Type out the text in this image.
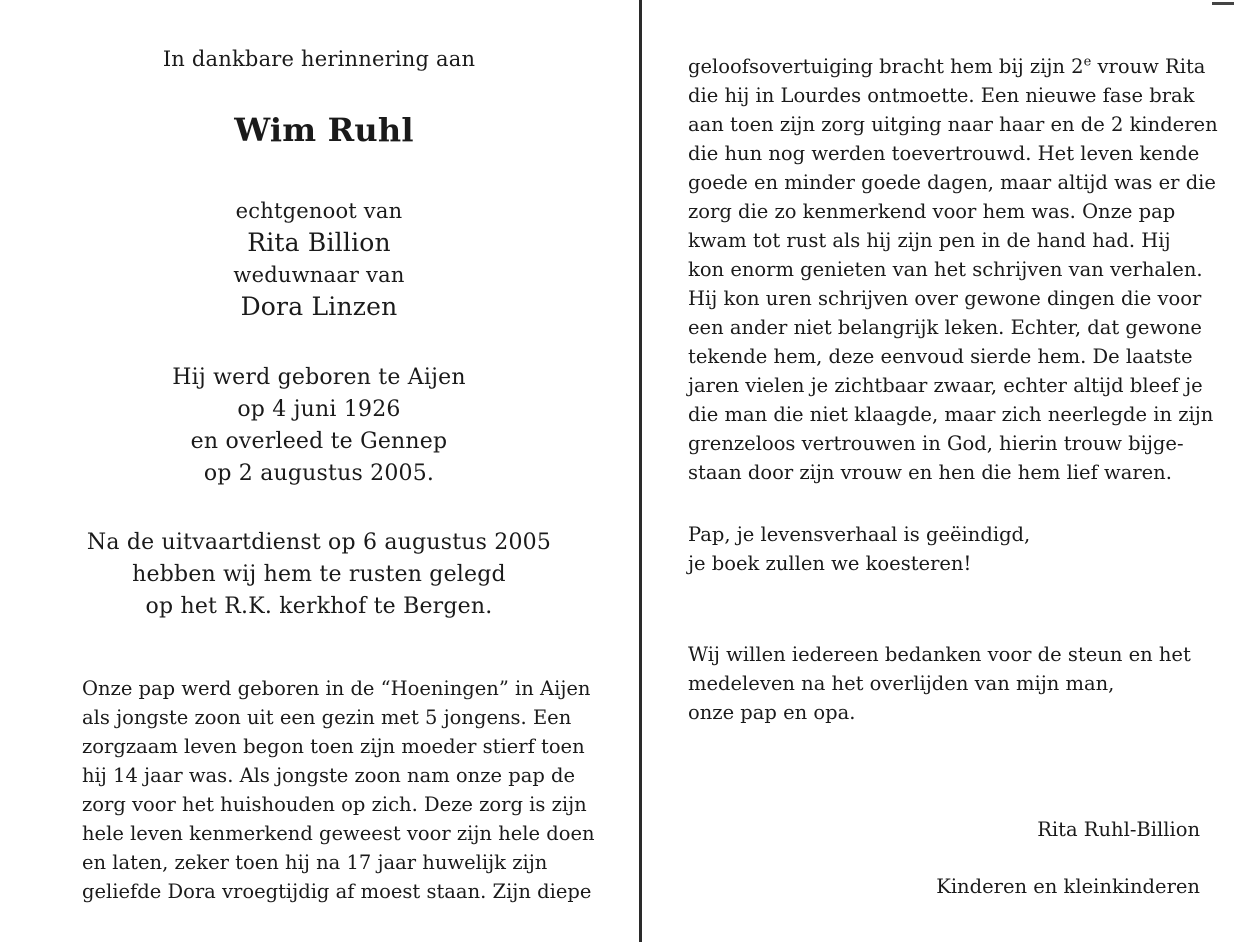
In dankbare herinnering aan
Wim Ruhl
echtgenoot van
Rita Billion
weduwnaar van
Dora Linzen
Hij werd geboren te Aijen
op 4 juni 1926
en overleed te Gennep
op 2 augustus 2005.
Na de uitvaartdienst op 6 augustus 2005
hebben wij hem te rusten gelegd
op het R.K. kerkhof te Bergen.
Onze pap werd geboren in de “Hoeningen” in Aijen
als jongste zoon uit een gezin met 5 jongens. Een
zorgzaam leven begon toen zijn moeder stierf toen
hij 14 jaar was. Als jongste zoon nam onze pap de
zorg voor het huishouden op zich. Deze zorg is zijn
hele leven kenmerkend geweest voor zijn hele doen
en laten, zeker toen hij na 17 jaar huwelijk zijn
geliefde Dora vroegtijdig af moest staan. Zijn diepe
geloofsovertuiging bracht hem bij zijn 2e vrouw Rita
die hij in Lourdes ontmoette. Een nieuwe fase brak
aan toen zijn zorg uitging naar haar en de 2 kinderen
die hun nog werden toevertrouwd. Het leven kende
goede en minder goede dagen, maar altijd was er die
zorg die zo kenmerkend voor hem was. Onze pap
kwam tot rust als hij zijn pen in de hand had. Hij
kon enorm genieten van het schrijven van verhalen.
Hij kon uren schrijven over gewone dingen die voor
een ander niet belangrijk leken. Echter, dat gewone
tekende hem, deze eenvoud sierde hem. De laatste
jaren vielen je zichtbaar zwaar, echter altijd bleef je
die man die niet klaagde, maar zich neerlegde in zijn
grenzeloos vertrouwen in God, hierin trouw bijge-
staan door zijn vrouw en hen die hem lief waren.
Pap, je levensverhaal is geëindigd,
je boek zullen we koesteren!
Wij willen iedereen bedanken voor de steun en het
medeleven na het overlijden van mijn man,
onze pap en opa.
Rita Ruhl-Billion
Kinderen en kleinkinderen
